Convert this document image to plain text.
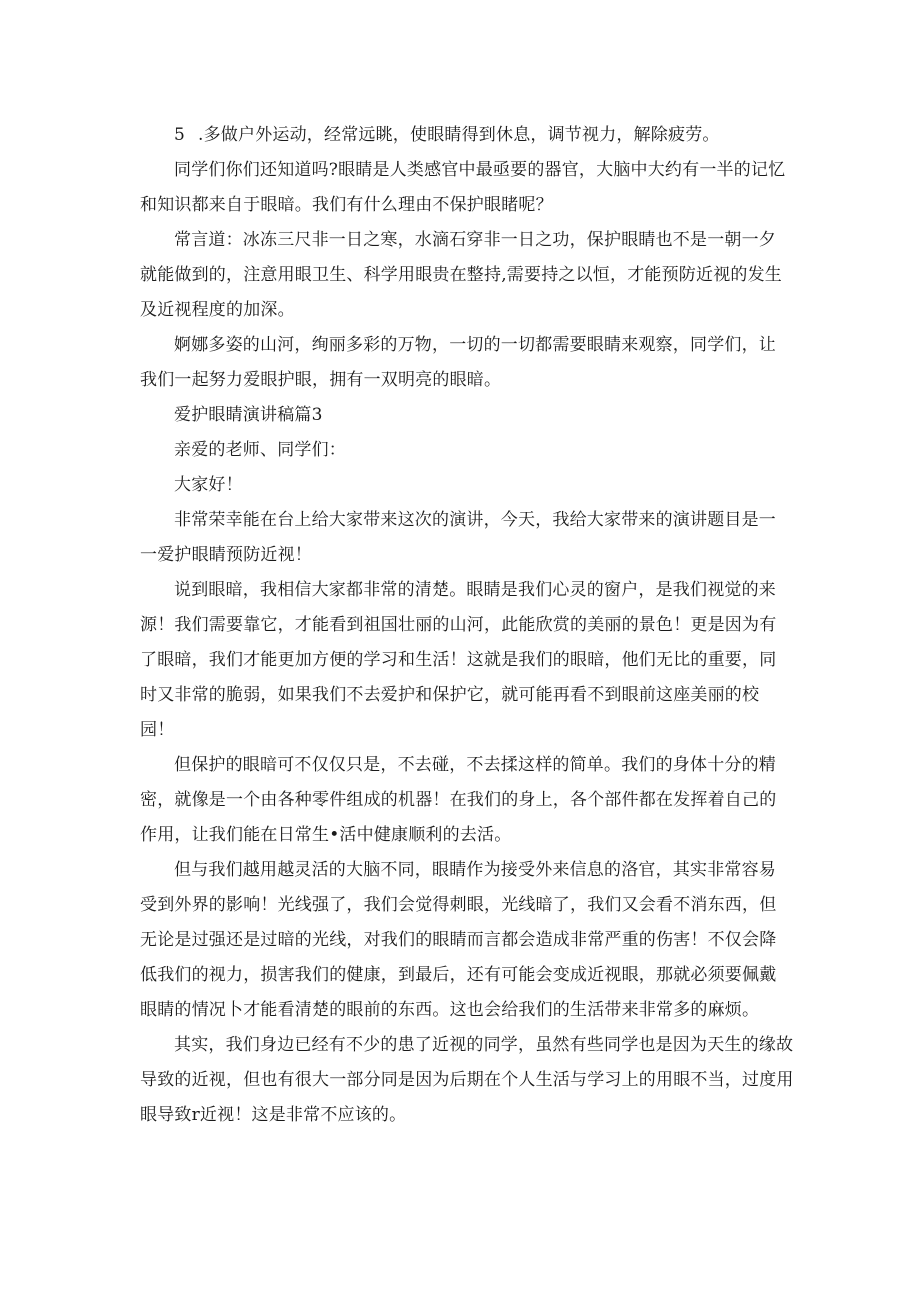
5 .多做户外运动，经常远眺，使眼睛得到休息，调节视力，解除疲劳。
同学们你们还知道吗?眼睛是人类感官中最亟要的器官，大脑中大约有一半的记忆
和知识都来自于眼暗。我们有什么理由不保护眼睹呢？
常言道：冰冻三尺非一日之寒，水滴石穿非一日之功，保护眼睛也不是一朝一夕
就能做到的，注意用眼卫生、科学用眼贵在整持,需要持之以恒，才能预防近视的发生
及近视程度的加深。
婀娜多姿的山河，绚丽多彩的万物，一切的一切都需要眼睛来观察，同学们，让
我们一起努力爱眼护眼，拥有一双明亮的眼暗。
爱护眼睛演讲稿篇3
亲爱的老师、同学们：
大家好！
非常荣幸能在台上给大家带来这次的演讲，今天，我给大家带来的演讲题目是一
一爱护眼睛预防近视！
说到眼暗，我相信大家都非常的清楚。眼睛是我们心灵的窗户，是我们视觉的来
源！我们需要靠它，才能看到祖国壮丽的山河，此能欣赏的美丽的景色！更是因为有
了眼暗，我们才能更加方便的学习和生活！这就是我们的眼暗，他们无比的重要，同
时又非常的脆弱，如果我们不去爱护和保护它，就可能再看不到眼前这座美丽的校
园！
但保护的眼暗可不仅仅只是，不去碰，不去揉这样的简单。我们的身体十分的精
密，就像是一个由各种零件组成的机器！在我们的身上，各个部件都在发挥着自己的
作用，让我们能在日常生•活中健康顺利的去活。
但与我们越用越灵活的大脑不同，眼睛作为接受外来信息的洛官，其实非常容易
受到外界的影响！光线强了，我们会觉得刺眼，光线暗了，我们又会看不消东西，但
无论是过强还是过暗的光线，对我们的眼睛而言都会造成非常严重的伤害！不仅会降
低我们的视力，损害我们的健康，到最后，还有可能会变成近视眼，那就必须要佩戴
眼睛的情况卜才能看清楚的眼前的东西。这也会给我们的生活带来非常多的麻烦。
其实，我们身边已经有不少的患了近视的同学，虽然有些同学也是因为天生的缘故
导致的近视，但也有很大一部分同是因为后期在个人生活与学习上的用眼不当，过度用
眼导致r近视！这是非常不应该的。
